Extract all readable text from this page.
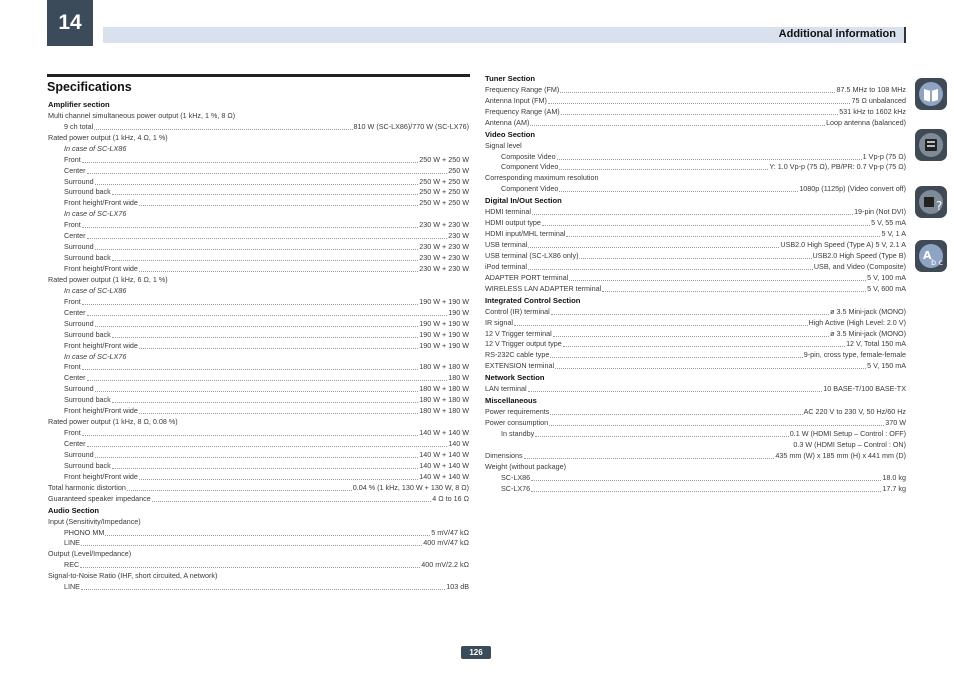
14	Additional information
Specifications
Amplifier section
Multi channel simultaneous power output (1 kHz, 1 %, 8 Ω)
9 ch total	810 W (SC-LX86)/770 W (SC-LX76)
Rated power output (1 kHz, 4 Ω, 1 %)
In case of SC-LX86
Front	250 W + 250 W
Center	250 W
Surround	250 W + 250 W
Surround back	250 W + 250 W
Front height/Front wide	250 W + 250 W
In case of SC-LX76
Front	230 W + 230 W
Center	230 W
Surround	230 W + 230 W
Surround back	230 W + 230 W
Front height/Front wide	230 W + 230 W
Rated power output (1 kHz, 6 Ω, 1 %)
In case of SC-LX86
Front	190 W + 190 W
Center	190 W
Surround	190 W + 190 W
Surround back	190 W + 190 W
Front height/Front wide	190 W + 190 W
In case of SC-LX76
Front	180 W + 180 W
Center	180 W
Surround	180 W + 180 W
Surround back	180 W + 180 W
Front height/Front wide	180 W + 180 W
Rated power output (1 kHz, 8 Ω, 0.08 %)
Front	140 W + 140 W
Center	140 W
Surround	140 W + 140 W
Surround back	140 W + 140 W
Front height/Front wide	140 W + 140 W
Total harmonic distortion	0.04 % (1 kHz, 130 W + 130 W, 8 Ω)
Guaranteed speaker impedance	4 Ω to 16 Ω
Audio Section
Input (Sensitivity/Impedance)
PHONO MM	5 mV/47 kΩ
LINE	400 mV/47 kΩ
Output (Level/Impedance)
REC	400 mV/2.2 kΩ
Signal-to-Noise Ratio (IHF, short circuited, A network)
LINE	103 dB
Tuner Section
Frequency Range (FM)	87.5 MHz to 108 MHz
Antenna Input (FM)	75 Ω unbalanced
Frequency Range (AM)	531 kHz to 1602 kHz
Antenna (AM)	Loop antenna (balanced)
Video Section
Signal level
Composite Video	1 Vp-p (75 Ω)
Component Video	Y: 1.0 Vp-p (75 Ω), PB/PR: 0.7 Vp-p (75 Ω)
Corresponding maximum resolution
Component Video	1080p (1125p) (Video convert off)
Digital In/Out Section
HDMI terminal	19-pin (Not DVI)
HDMI output type	5 V, 55 mA
HDMI input/MHL terminal	5 V, 1 A
USB terminal	USB2.0 High Speed (Type A) 5 V, 2.1 A
USB terminal (SC-LX86 only)	USB2.0 High Speed (Type B)
iPod terminal	USB, and Video (Composite)
ADAPTER PORT terminal	5 V, 100 mA
WIRELESS LAN ADAPTER terminal	5 V, 600 mA
Integrated Control Section
Control (IR) terminal	ø 3.5 Mini-jack (MONO)
IR signal	High Active (High Level: 2.0 V)
12 V Trigger terminal	ø 3.5 Mini-jack (MONO)
12 V Trigger output type	12 V, Total 150 mA
RS-232C cable type	9-pin, cross type, female-female
EXTENSION terminal	5 V, 150 mA
Network Section
LAN terminal	10 BASE-T/100 BASE-TX
Miscellaneous
Power requirements	AC 220 V to 230 V, 50 Hz/60 Hz
Power consumption	370 W
In standby	0.1 W (HDMI Setup – Control : OFF)
0.3 W (HDMI Setup – Control : ON)
Dimensions	435 mm (W) x 185 mm (H) x 441 mm (D)
Weight (without package)
SC-LX86	18.0 kg
SC-LX76	17.7 kg
?
A
b c
126
